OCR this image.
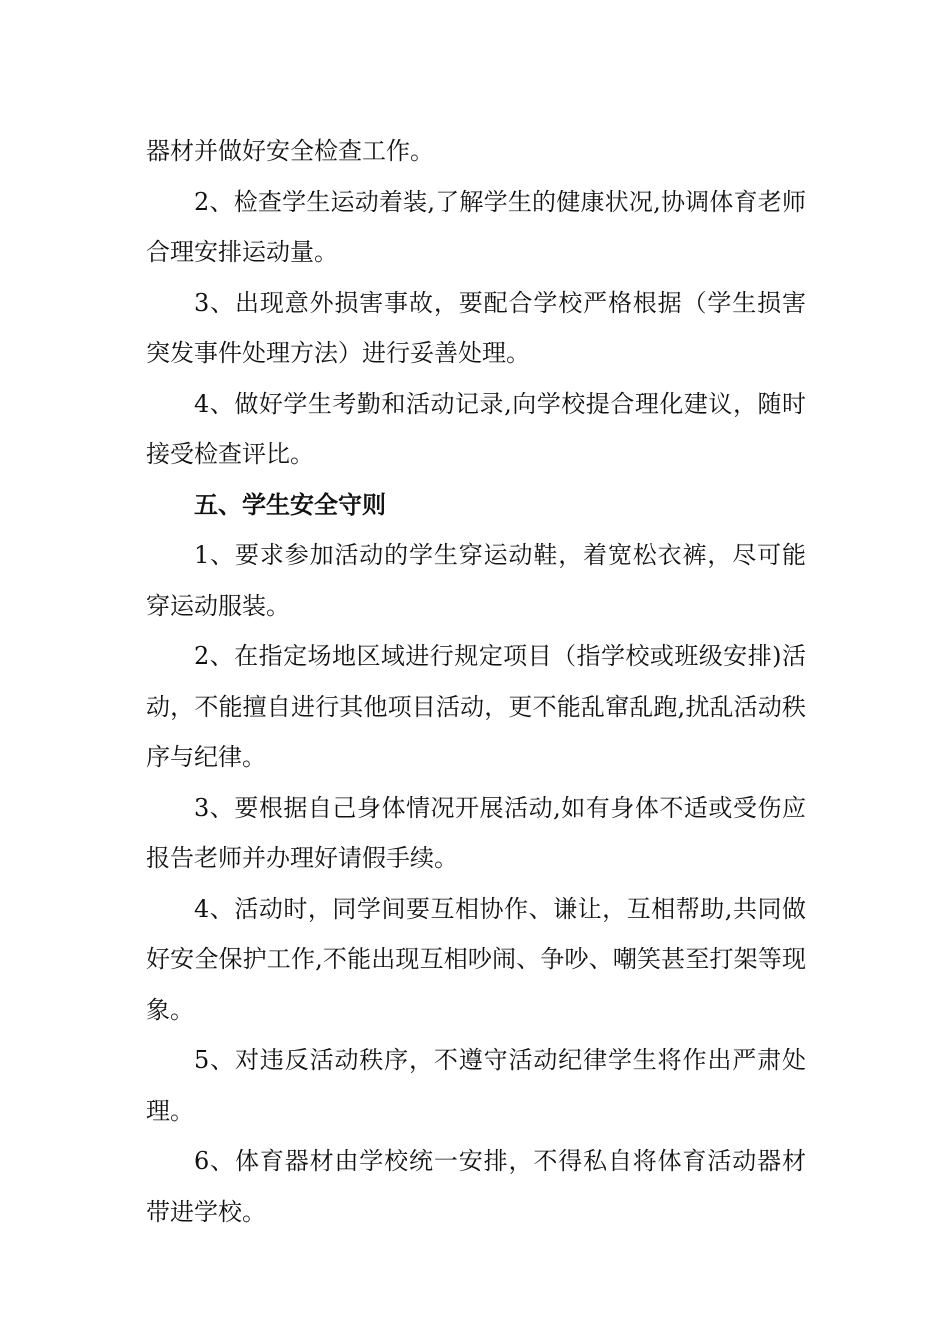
器材并做好安全检查工作。

2、检查学生运动着装,了解学生的健康状况,协调体育老师合理安排运动量。

3、出现意外损害事故，要配合学校严格根据（学生损害突发事件处理方法）进行妥善处理。

4、做好学生考勤和活动记录,向学校提合理化建议，随时接受检查评比。

五、学生安全守则

1、要求参加活动的学生穿运动鞋，着宽松衣裤，尽可能穿运动服装。

2、在指定场地区域进行规定项目（指学校或班级安排)活动，不能擅自进行其他项目活动，更不能乱窜乱跑,扰乱活动秩序与纪律。

3、要根据自己身体情况开展活动,如有身体不适或受伤应报告老师并办理好请假手续。

4、活动时，同学间要互相协作、谦让，互相帮助,共同做好安全保护工作,不能出现互相吵闹、争吵、嘲笑甚至打架等现象。

5、对违反活动秩序，不遵守活动纪律学生将作出严肃处理。

6、体育器材由学校统一安排，不得私自将体育活动器材带进学校。
